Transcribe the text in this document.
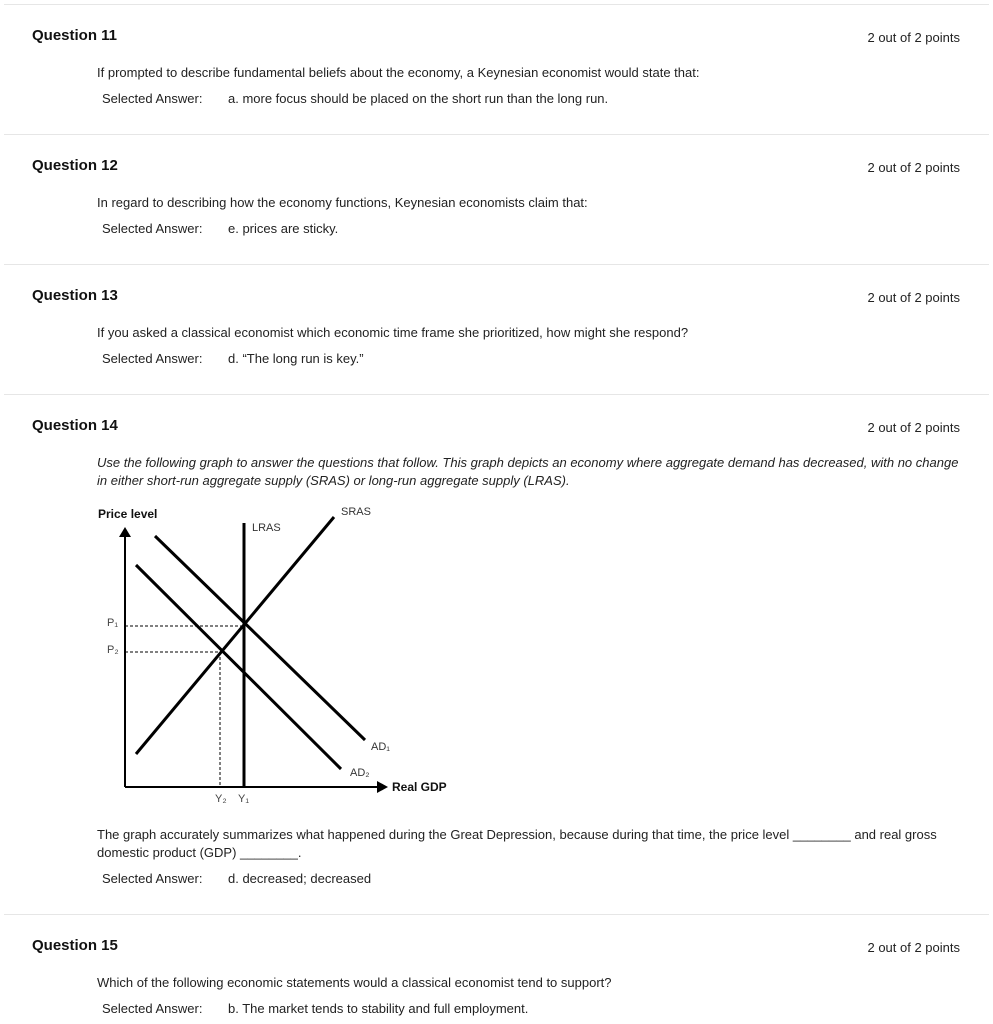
Question 11	2 out of 2 points
If prompted to describe fundamental beliefs about the economy, a Keynesian economist would state that:
Selected Answer: a. more focus should be placed on the short run than the long run.
Question 12	2 out of 2 points
In regard to describing how the economy functions, Keynesian economists claim that:
Selected Answer: e. prices are sticky.
Question 13	2 out of 2 points
If you asked a classical economist which economic time frame she prioritized, how might she respond?
Selected Answer: d. “The long run is key.”
Question 14	2 out of 2 points
Use the following graph to answer the questions that follow. This graph depicts an economy where aggregate demand has decreased, with no change in either short-run aggregate supply (SRAS) or long-run aggregate supply (LRAS).
The graph accurately summarizes what happened during the Great Depression, because during that time, the price level ________ and real gross domestic product (GDP) ________.
Selected Answer: d. decreased; decreased
Price level
Real GDP
LRAS
SRAS
AD₁
AD₂
P₁
P₂
Y₂ Y₁
Question 15	2 out of 2 points
Which of the following economic statements would a classical economist tend to support?
Selected Answer: b. The market tends to stability and full employment.
